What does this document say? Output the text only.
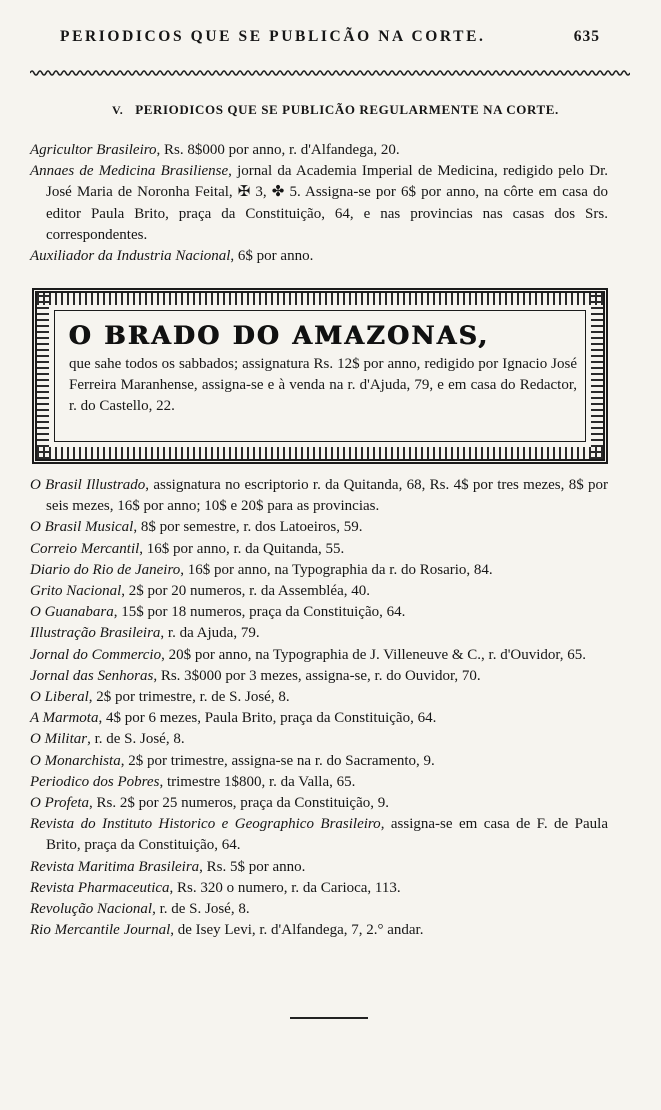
PERIODICOS QUE SE PUBLICÃO NA CORTE.	635
V. PERIODICOS QUE SE PUBLICÃO REGULARMENTE NA CORTE.

Agricultor Brasileiro, Rs. 8$000 por anno, r. d'Alfandega, 20.

Annaes de Medicina Brasiliense, jornal da Academia Imperial de Medicina, redigido pelo Dr. José Maria de Noronha Feital, ✠ 3, ✤ 5. Assigna-se por 6$ por anno, na côrte em casa do editor Paula Brito, praça da Constituição, 64, e nas provincias nas casas dos Srs. correspondentes.

Auxiliador da Industria Nacional, 6$ por anno.

O BRADO DO AMAZONAS,

que sahe todos os sabbados; assignatura Rs. 12$ por anno, redigido por Ignacio José Ferreira Maranhense, assigna-se e à venda na r. d'Ajuda, 79, e em casa do Redactor, r. do Castello, 22.

O Brasil Illustrado, assignatura no escriptorio r. da Quitanda, 68, Rs. 4$ por tres mezes, 8$ por seis mezes, 16$ por anno; 10$ e 20$ para as provincias.

O Brasil Musical, 8$ por semestre, r. dos Latoeiros, 59.

Correio Mercantil, 16$ por anno, r. da Quitanda, 55.

Diario do Rio de Janeiro, 16$ por anno, na Typographia da r. do Rosario, 84.

Grito Nacional, 2$ por 20 numeros, r. da Assembléa, 40.

O Guanabara, 15$ por 18 numeros, praça da Constituição, 64.

Illustração Brasileira, r. da Ajuda, 79.

Jornal do Commercio, 20$ por anno, na Typographia de J. Villeneuve & C., r. d'Ouvidor, 65.

Jornal das Senhoras, Rs. 3$000 por 3 mezes, assigna-se, r. do Ouvidor, 70.

O Liberal, 2$ por trimestre, r. de S. José, 8.

A Marmota, 4$ por 6 mezes, Paula Brito, praça da Constituição, 64.

O Militar, r. de S. José, 8.

O Monarchista, 2$ por trimestre, assigna-se na r. do Sacramento, 9.

Periodico dos Pobres, trimestre 1$800, r. da Valla, 65.

O Profeta, Rs. 2$ por 25 numeros, praça da Constituição, 9.

Revista do Instituto Historico e Geographico Brasileiro, assigna-se em casa de F. de Paula Brito, praça da Constituição, 64.

Revista Maritima Brasileira, Rs. 5$ por anno.

Revista Pharmaceutica, Rs. 320 o numero, r. da Carioca, 113.

Revolução Nacional, r. de S. José, 8.

Rio Mercantile Journal, de Isey Levi, r. d'Alfandega, 7, 2.° andar.
